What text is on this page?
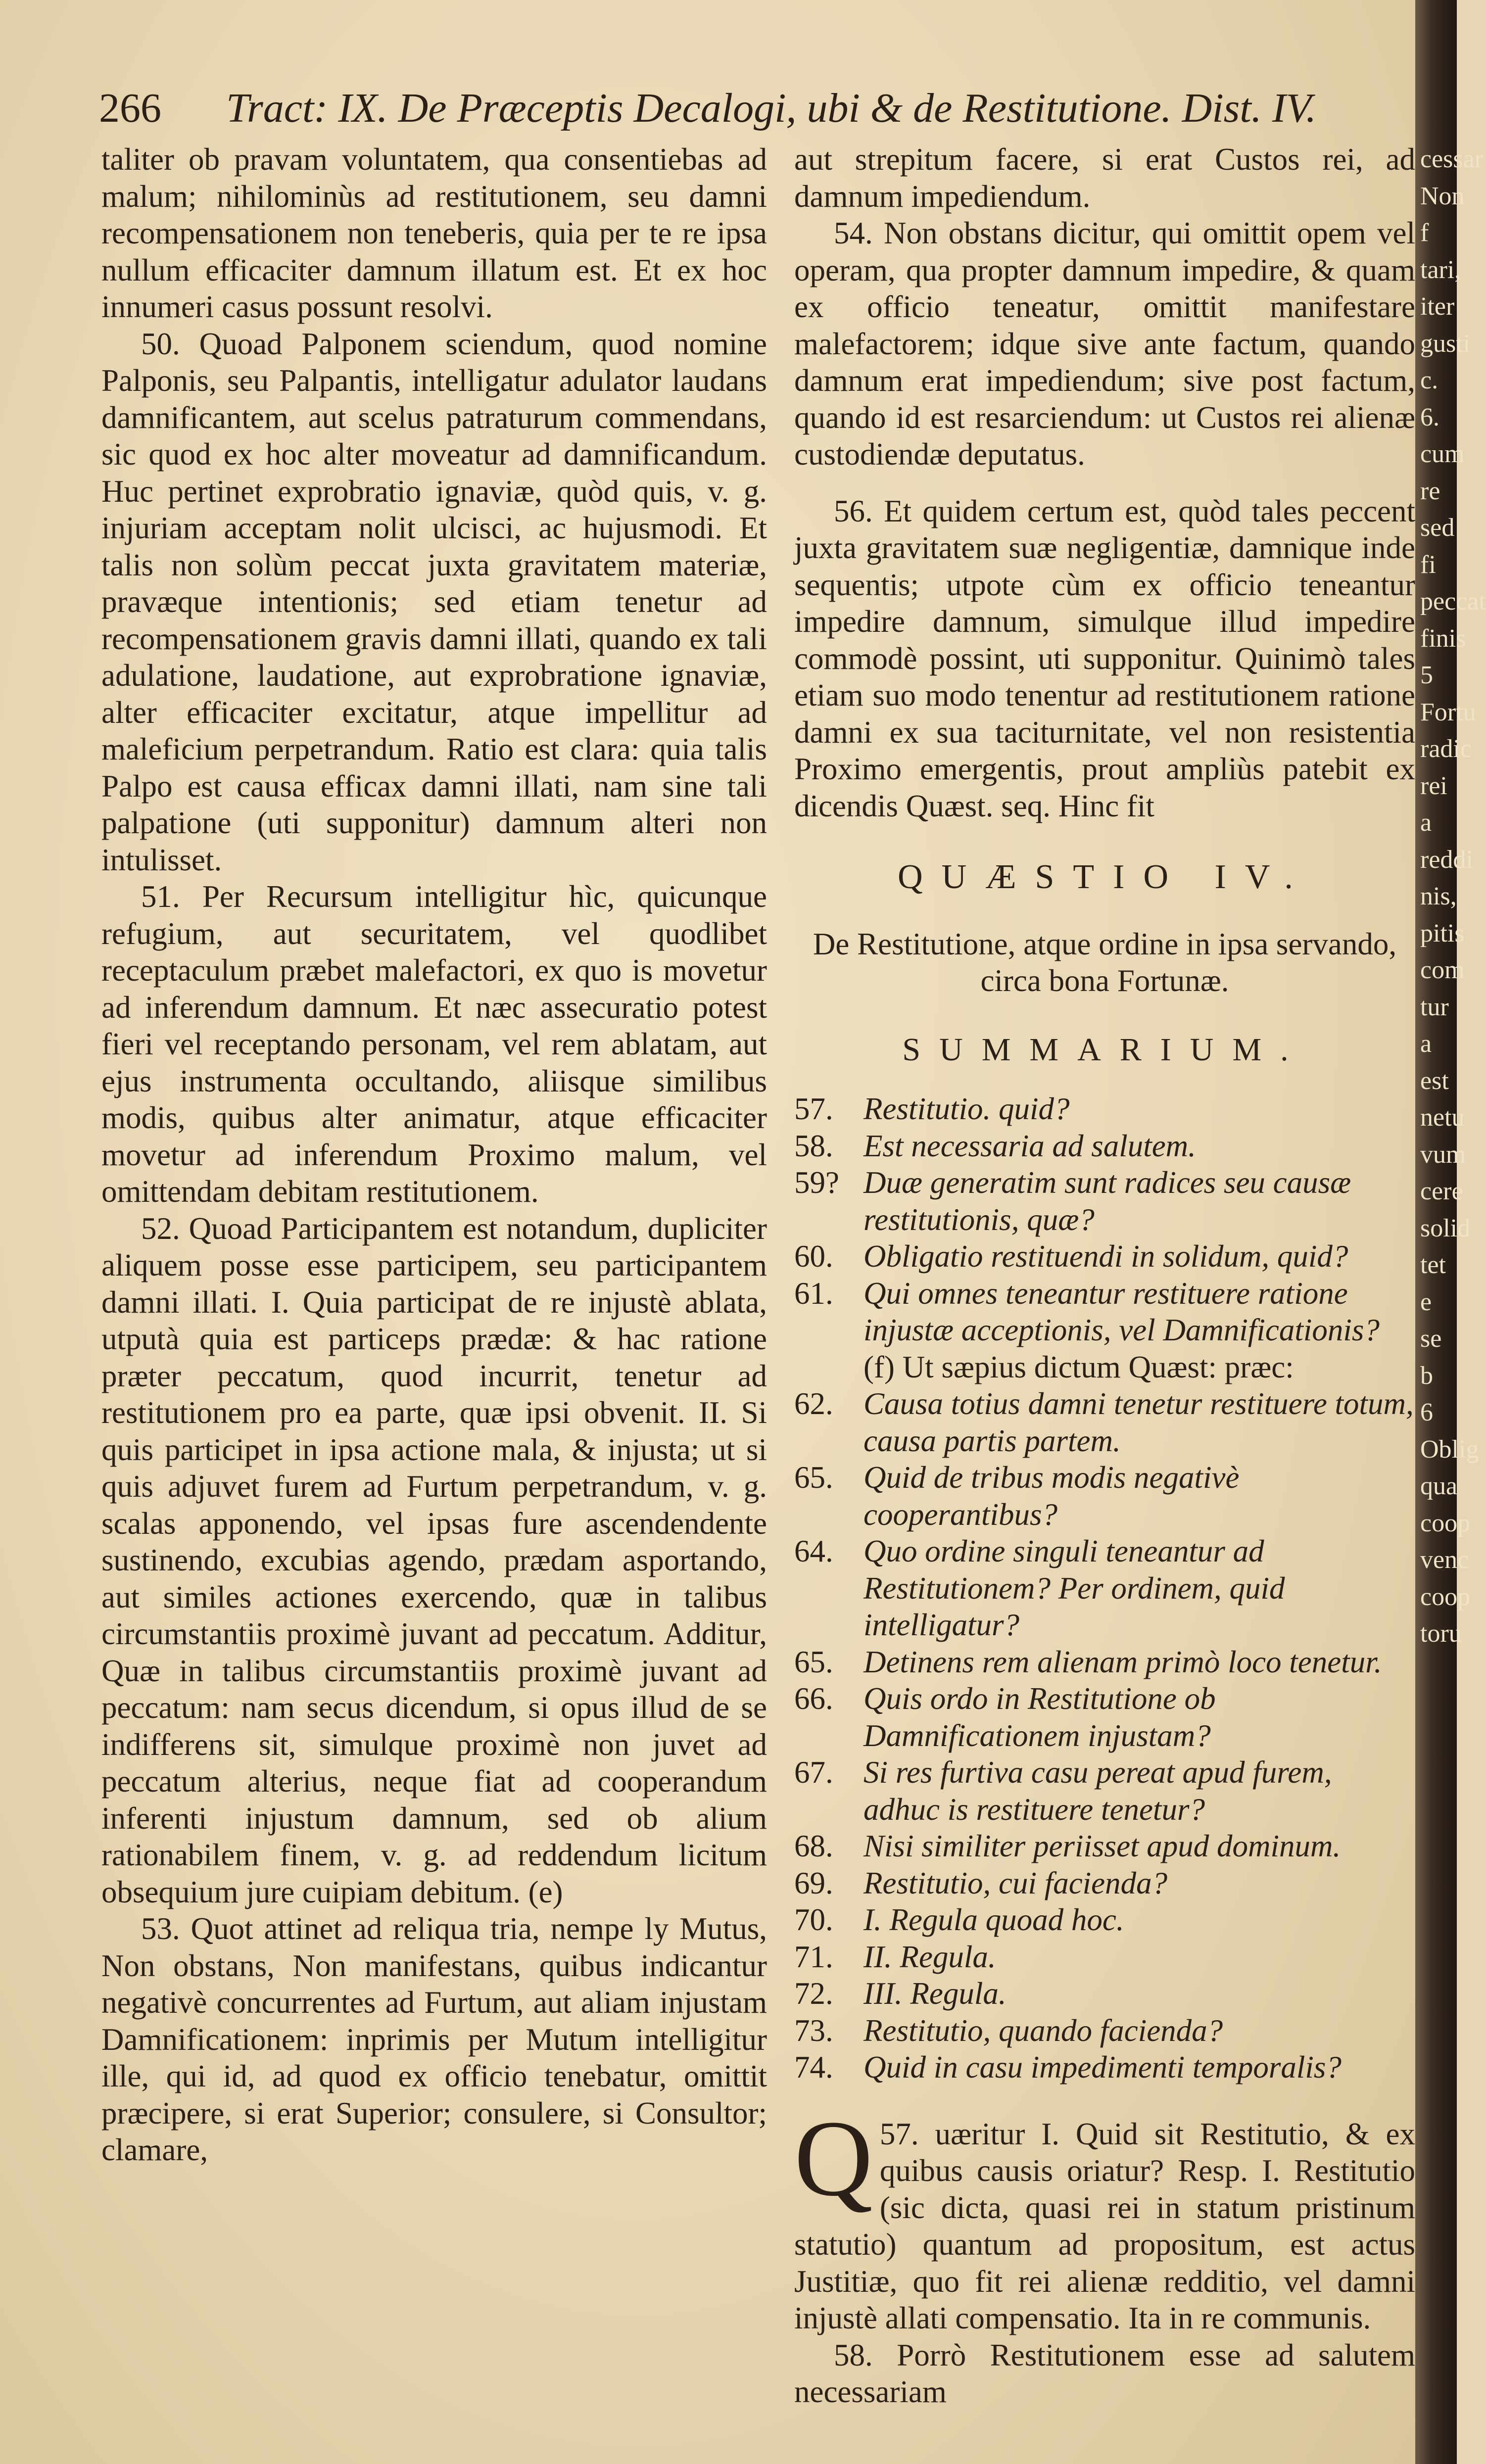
266 Tract: IX. De Præceptis Decalogi, ubi & de Restitutione. Dist. IV.

taliter ob pravam voluntatem, qua consentiebas ad malum; nihilominùs ad restitutionem, seu damni recompensationem non teneberis, quia per te re ipsa nullum efficaciter damnum illatum est. Et ex hoc innumeri casus possunt resolvi.

50. Quoad Palponem sciendum, quod nomine Palponis, seu Palpantis, intelligatur adulator laudans damnificantem, aut scelus patraturum commendans, sic quod ex hoc alter moveatur ad damnificandum. Huc pertinet exprobratio ignaviæ, quòd quis, v. g. injuriam acceptam nolit ulcisci, ac hujusmodi. Et talis non solùm peccat juxta gravitatem materiæ, pravæque intentionis; sed etiam tenetur ad recompensationem gravis damni illati, quando ex tali adulatione, laudatione, aut exprobratione ignaviæ, alter efficaciter excitatur, atque impellitur ad maleficium perpetrandum. Ratio est clara: quia talis Palpo est causa efficax damni illati, nam sine tali palpatione (uti supponitur) damnum alteri non intulisset.

51. Per Recursum intelligitur hìc, quicunque refugium, aut securitatem, vel quodlibet receptaculum præbet malefactori, ex quo is movetur ad inferendum damnum. Et næc assecuratio potest fieri vel receptando personam, vel rem ablatam, aut ejus instrumenta occultando, aliisque similibus modis, quibus alter animatur, atque efficaciter movetur ad inferendum Proximo malum, vel omittendam debitam restitutionem.

52. Quoad Participantem est notandum, dupliciter aliquem posse esse participem, seu participantem damni illati. I. Quia participat de re injustè ablata, utputà quia est particeps prædæ: & hac ratione præter peccatum, quod incurrit, tenetur ad restitutionem pro ea parte, quæ ipsi obvenit. II. Si quis participet in ipsa actione mala, & injusta; ut si quis adjuvet furem ad Furtum perpetrandum, v. g. scalas apponendo, vel ipsas fure ascendendente sustinendo, excubias agendo, prædam asportando, aut similes actiones exercendo, quæ in talibus circumstantiis proximè juvant ad peccatum. Additur, Quæ in talibus circumstantiis proximè juvant ad peccatum: nam secus dicendum, si opus illud de se indifferens sit, simulque proximè non juvet ad peccatum alterius, neque fiat ad cooperandum inferenti injustum damnum, sed ob alium rationabilem finem, v. g. ad reddendum licitum obsequium jure cuipiam debitum. (e)

53. Quot attinet ad reliqua tria, nempe ly Mutus, Non obstans, Non manifestans, quibus indicantur negativè concurrentes ad Furtum, aut aliam injustam Damnificationem: inprimis per Mutum intelligitur ille, qui id, ad quod ex officio tenebatur, omittit præcipere, si erat Superior; consulere, si Consultor; clamare,

aut strepitum facere, si erat Custos rei, ad damnum impediendum.

54. Non obstans dicitur, qui omittit opem vel operam, qua propter damnum impedire, & quam ex officio teneatur, omittit manifestare malefactorem; idque sive ante factum, quando damnum erat impediendum; sive post factum, quando id est resarciendum: ut Custos rei alienæ custodiendæ deputatus.

56. Et quidem certum est, quòd tales peccent juxta gravitatem suæ negligentiæ, damnique inde sequentis; utpote cùm ex officio teneantur impedire damnum, simulque illud impedire commodè possint, uti supponitur. Quinimò tales etiam suo modo tenentur ad restitutionem ratione damni ex sua taciturnitate, vel non resistentia Proximo emergentis, prout ampliùs patebit ex dicendis Quæst. seq. Hinc fit

QUÆSTIO IV.
De Restitutione, atque ordine in ipsa servando, circa bona Fortunæ.
SUMMARIUM.
57. Restitutio. quid?
58. Est necessaria ad salutem.
59? Duæ generatim sunt radices seu causæ restitutionis, quæ?
60. Obligatio restituendi in solidum, quid?
61. Qui omnes teneantur restituere ratione injustæ acceptionis, vel Damnificationis?
(f) Ut sæpius dictum Quæst: præc:
62. Causa totius damni tenetur restituere totum, causa partis partem.
65. Quid de tribus modis negativè cooperantibus?
64. Quo ordine singuli teneantur ad Restitutionem? Per ordinem, quid intelligatur?
65. Detinens rem alienam primò loco tenetur.
66. Quis ordo in Restitutione ob Damnificationem injustam?
67. Si res furtiva casu pereat apud furem, adhuc is restituere tenetur?
68. Nisi similiter periisset apud dominum.
69. Restitutio, cui facienda?
70. I. Regula quoad hoc.
71. II. Regula.
72. III. Regula.
73. Restitutio, quando facienda?
74. Quid in casu impedimenti temporalis?

57.
Q uæritur I. Quid sit Restitutio, & ex quibus causis oriatur? Resp. I. Restitutio (sic dicta, quasi rei in statum pristinum statutio) quantum ad propositum, est actus Justitiæ, quo fit rei alienæ redditio, vel damni injustè allati compensatio. Ita in re communis.

58. Porrò Restitutionem esse ad salutem necessariam

cessar
Non f
tari,
iter
gusti
c. 6.
cum re
sed fi
peccat
finis
5
Fortu
radic
rei a
reddi
nis,
pitis
com
tur a
est
netu
vum
cere
solid
tet e
se b
6
Oblig
qua
coop
venc
coop
toru
